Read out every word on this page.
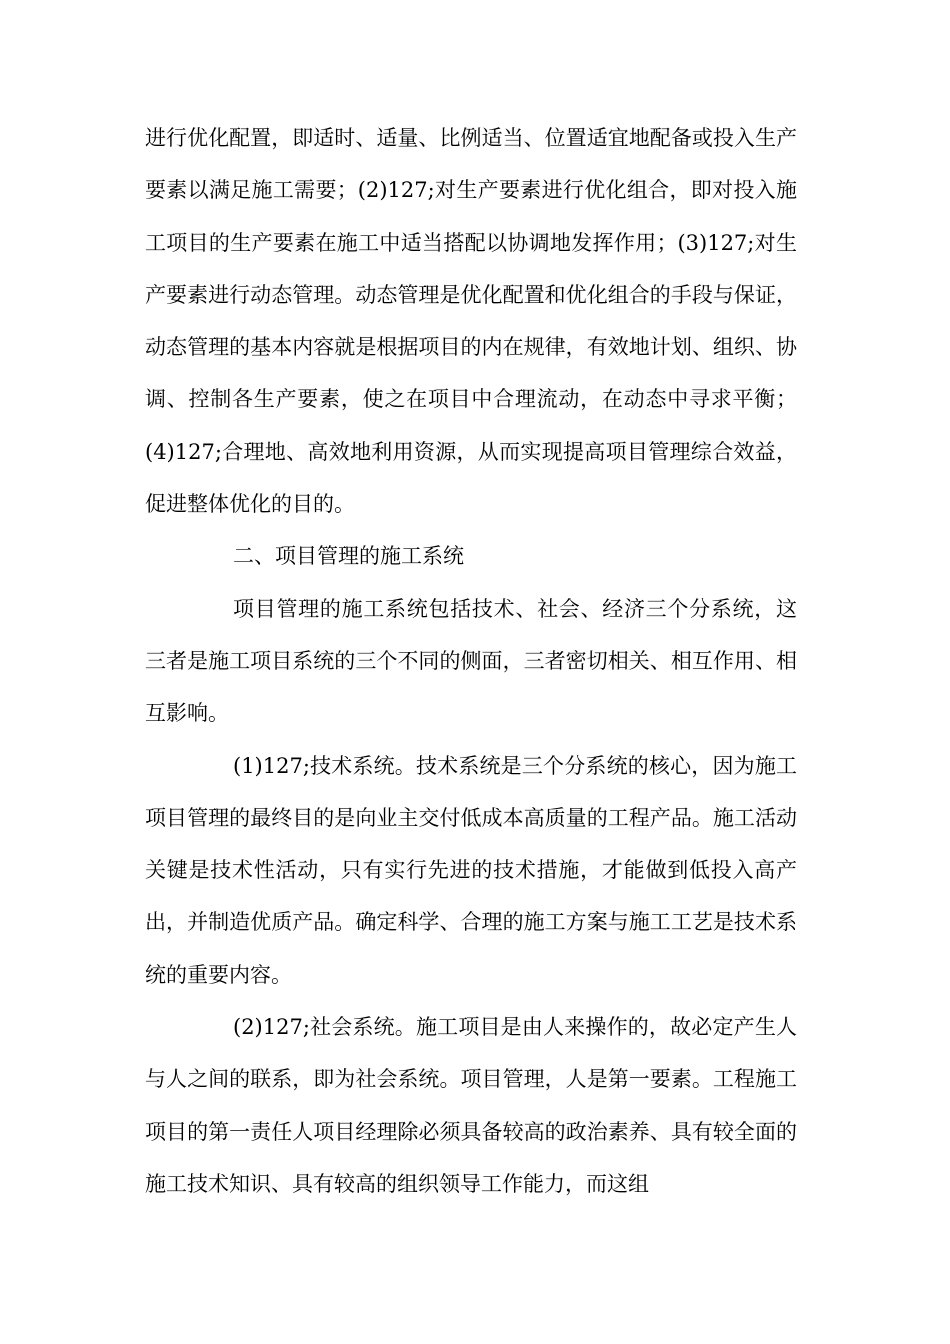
进行优化配置，即适时、适量、比例适当、位置适宜地配备或投入生产要素以满足施工需要；(2)127;对生产要素进行优化组合，即对投入施工项目的生产要素在施工中适当搭配以协调地发挥作用；(3)127;对生产要素进行动态管理。动态管理是优化配置和优化组合的手段与保证，动态管理的基本内容就是根据项目的内在规律，有效地计划、组织、协调、控制各生产要素，使之在项目中合理流动，在动态中寻求平衡；(4)127;合理地、高效地利用资源，从而实现提高项目管理综合效益，促进整体优化的目的。

二、项目管理的施工系统

项目管理的施工系统包括技术、社会、经济三个分系统，这三者是施工项目系统的三个不同的侧面，三者密切相关、相互作用、相互影响。

(1)127;技术系统。技术系统是三个分系统的核心，因为施工项目管理的最终目的是向业主交付低成本高质量的工程产品。施工活动关键是技术性活动，只有实行先进的技术措施，才能做到低投入高产出，并制造优质产品。确定科学、合理的施工方案与施工工艺是技术系统的重要内容。

(2)127;社会系统。施工项目是由人来操作的，故必定产生人与人之间的联系，即为社会系统。项目管理，人是第一要素。工程施工项目的第一责任人项目经理除必须具备较高的政治素养、具有较全面的施工技术知识、具有较高的组织领导工作能力，而这组
